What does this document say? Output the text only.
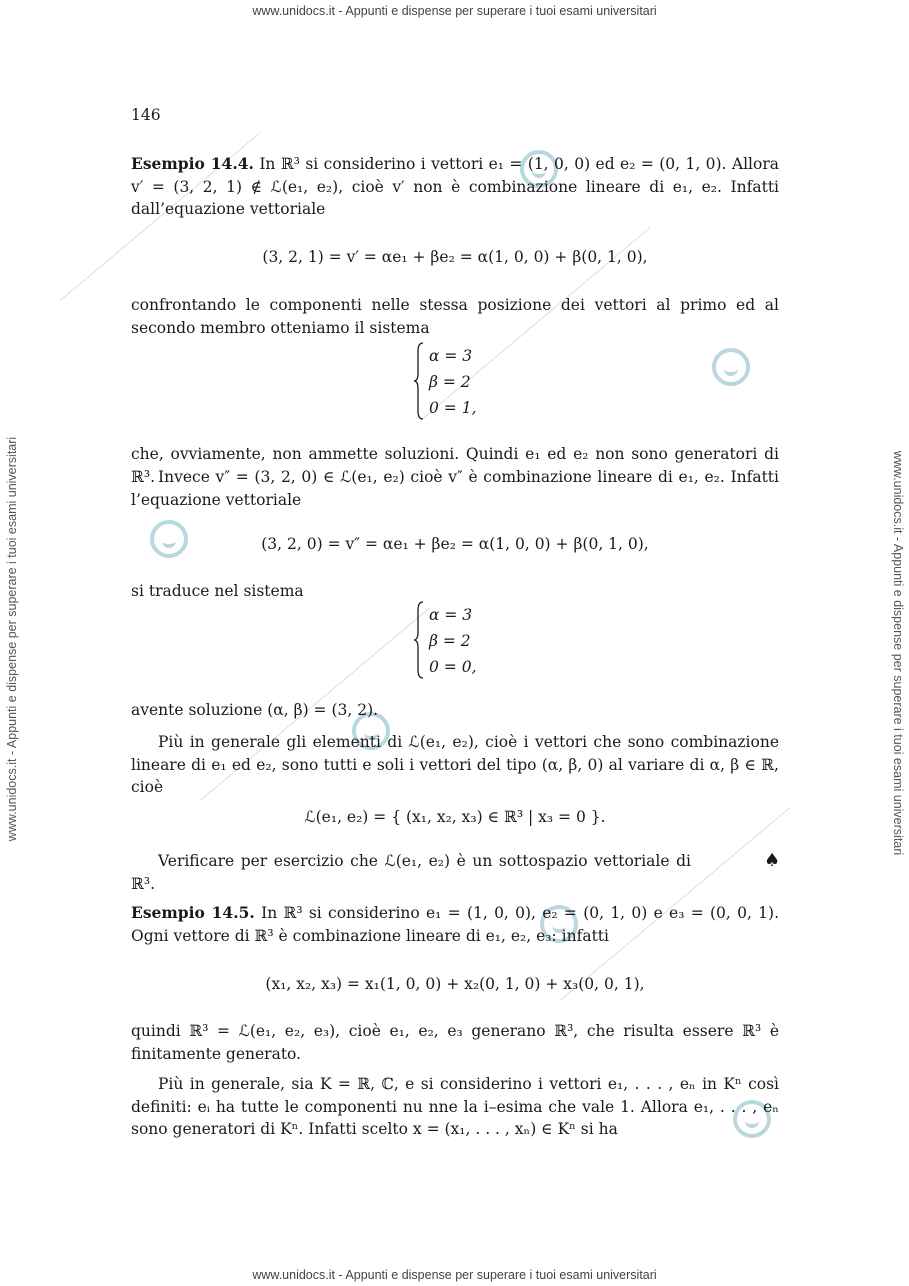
www.unidocs.it - Appunti e dispense per superare i tuoi esami universitari
www.unidocs.it - Appunti e dispense per superare i tuoi esami universitari
www.unidocs.it - Appunti e dispense per superare i tuoi esami universitari	www.unidocs.it - Appunti e dispense per superare i tuoi esami universitari
146
Esempio 14.4. In ℝ³ si considerino i vettori e₁ = (1, 0, 0) ed e₂ = (0, 1, 0). Allora v′ = (3, 2, 1) ∉ ℒ(e₁, e₂), cioè v′ non è combinazione lineare di e₁, e₂. Infatti dall’equazione vettoriale
(3, 2, 1) = v′ = αe₁ + βe₂ = α(1, 0, 0) + β(0, 1, 0),
confrontando le componenti nelle stessa posizione dei vettori al primo ed al secondo membro otteniamo il sistema
α = 3
β = 2
0 = 1,
che, ovviamente, non ammette soluzioni. Quindi e₁ ed e₂ non sono generatori di ℝ³. Invece v″ = (3, 2, 0) ∈ ℒ(e₁, e₂) cioè v″ è combinazione lineare di e₁, e₂. Infatti l’equazione vettoriale
(3, 2, 0) = v″ = αe₁ + βe₂ = α(1, 0, 0) + β(0, 1, 0),
si traduce nel sistema
α = 3
β = 2
0 = 0,
avente soluzione (α, β) = (3, 2).
Più in generale gli elementi di ℒ(e₁, e₂), cioè i vettori che sono combinazione lineare di e₁ ed e₂, sono tutti e soli i vettori del tipo (α, β, 0) al variare di α, β ∈ ℝ, cioè
ℒ(e₁, e₂) = { (x₁, x₂, x₃) ∈ ℝ³ | x₃ = 0 }.
Verificare per esercizio che ℒ(e₁, e₂) è un sottospazio vettoriale di ℝ³.
♠
Esempio 14.5. In ℝ³ si considerino e₁ = (1, 0, 0), e₂ = (0, 1, 0) e e₃ = (0, 0, 1). Ogni vettore di ℝ³ è combinazione lineare di e₁, e₂, e₃: infatti
(x₁, x₂, x₃) = x₁(1, 0, 0) + x₂(0, 1, 0) + x₃(0, 0, 1),
quindi ℝ³ = ℒ(e₁, e₂, e₃), cioè e₁, e₂, e₃ generano ℝ³, che risulta essere ℝ³ è finitamente generato.
Più in generale, sia K = ℝ, ℂ, e si considerino i vettori e₁, . . . , eₙ in Kⁿ così definiti: eᵢ ha tutte le componenti nu nne la i–esima che vale 1. Allora e₁, . . . , eₙ sono generatori di Kⁿ. Infatti scelto x = (x₁, . . . , xₙ) ∈ Kⁿ si ha
